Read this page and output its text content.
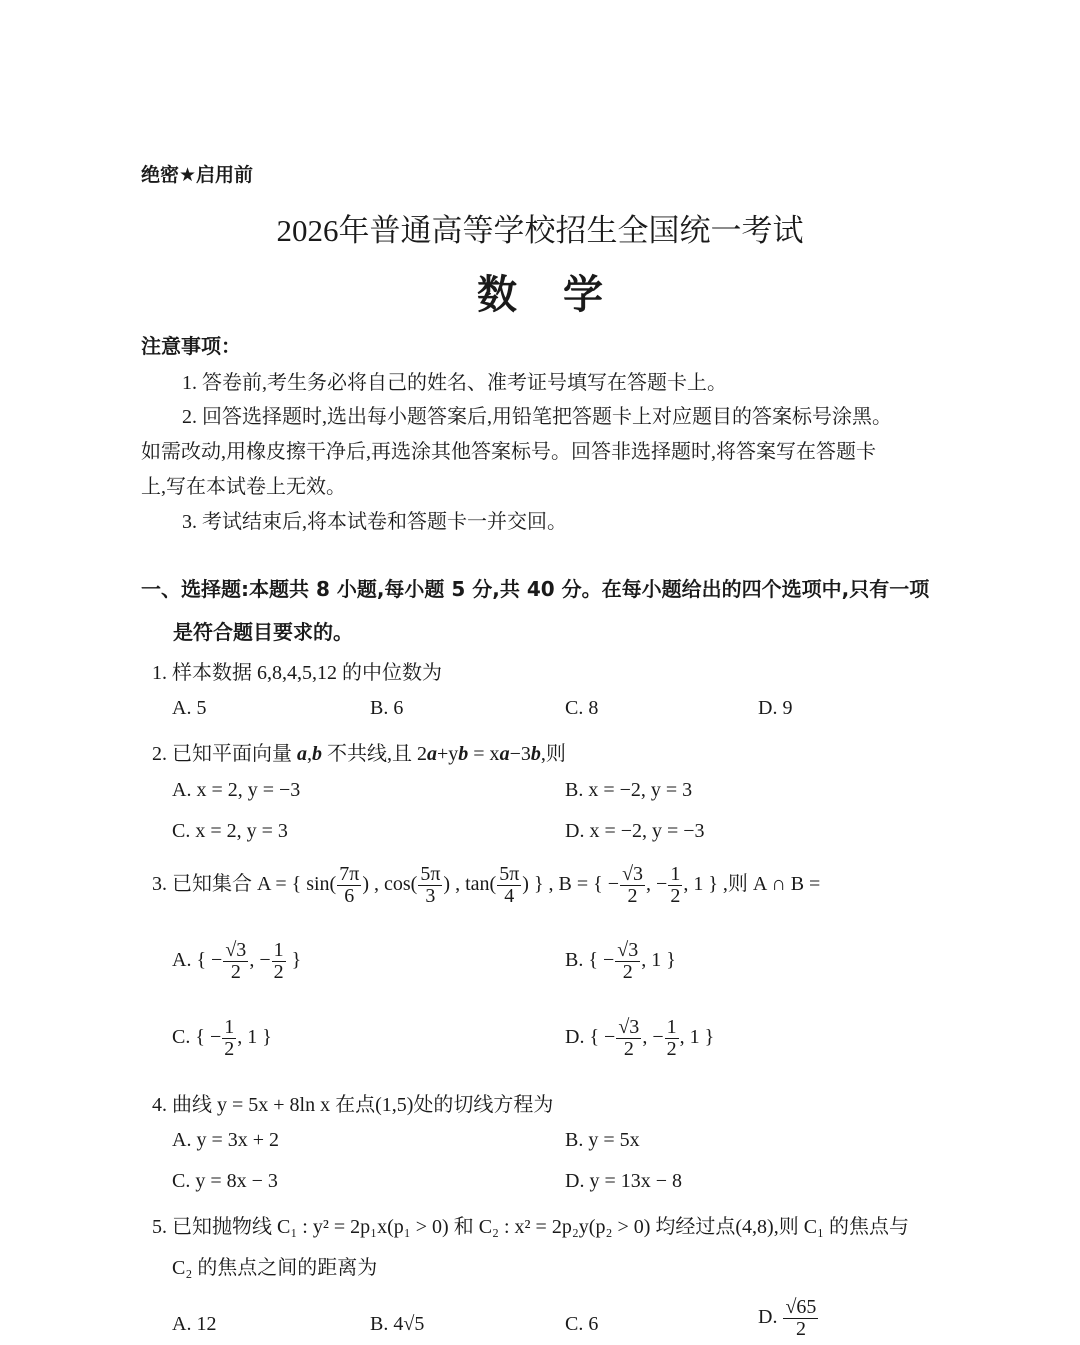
绝密★启用前
2026年普通高等学校招生全国统一考试
数学
注意事项：
1. 答卷前,考生务必将自己的姓名、准考证号填写在答题卡上。
2. 回答选择题时,选出每小题答案后,用铅笔把答题卡上对应题目的答案标号涂黑。
如需改动,用橡皮擦干净后,再选涂其他答案标号。回答非选择题时,将答案写在答题卡
上,写在本试卷上无效。
3. 考试结束后,将本试卷和答题卡一并交回。
一、选择题:本题共 8 小题,每小题 5 分,共 40 分。在每小题给出的四个选项中,只有一项
是符合题目要求的。
1. 样本数据 6,8,4,5,12 的中位数为
A. 5	B. 6	C. 8	D. 9
2. 已知平面向量 a,b 不共线,且 2a+yb = xa−3b,则
A. x = 2, y = −3	B. x = −2, y = 3
C. x = 2, y = 3	D. x = −2, y = −3
3. 已知集合 A = { $\sin( \frac{7\pi}{6}$ ) , $\cos( \frac{5\pi}{3}$ ) , $\tan( \frac{5\pi}{4}$ ) } , B = { − $\frac{√3}{2}$ , − $\frac{1}{2}$ , 1 } ,则 A ∩ B =
A. { − $\frac{√3}{2}$ , − $\frac{1}{2}$ }	B. { − $\frac{√3}{2}$ , 1 }
C. { − $\frac{1}{2}$ , 1 }	D. { − $\frac{√3}{2}$ , − $\frac{1}{2}$ , 1 }
4. 曲线 y = 5x + 8ln x 在点(1,5)处的切线方程为
A. y = 3x + 2	B. y = 5x
C. y = 8x − 3	D. y = 13x − 8
5. 已知抛物线 C₁ : y² = 2p₁x(p₁ > 0) 和 C₂ : x² = 2p₂y(p₂ > 0) 均经过点(4,8),则 C₁ 的焦点与
C₂ 的焦点之间的距离为
A. 12	B. 4√5	C. 6	D. $\frac{√65}{2}$
